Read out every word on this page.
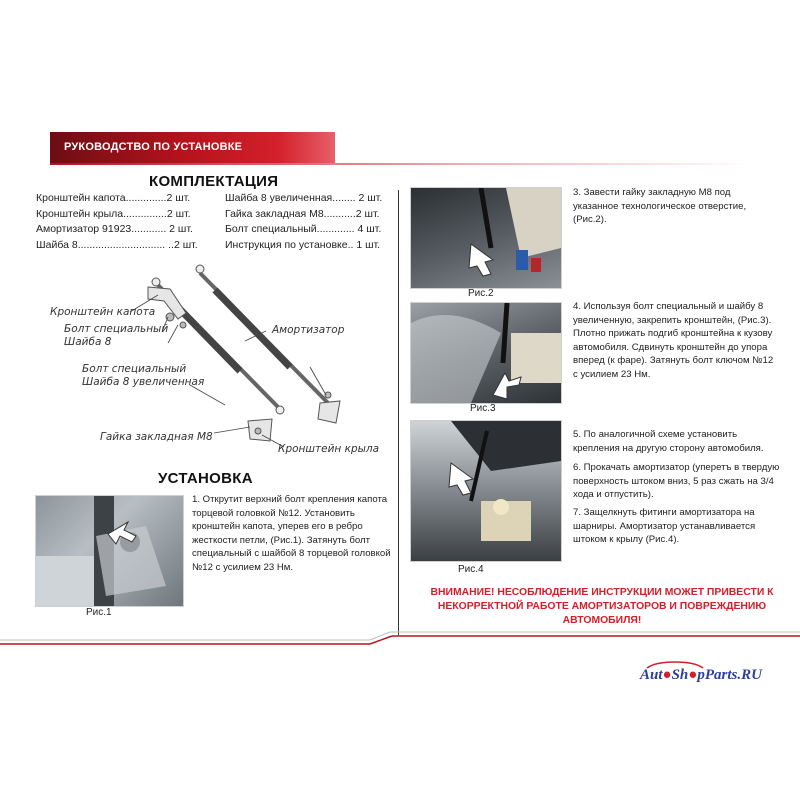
РУКОВОДСТВО ПО УСТАНОВКЕ
КОМПЛЕКТАЦИЯ
Кронштейн капота..............2 шт.
Кронштейн крыла...............2 шт.
Амортизатор 91923............ 2 шт.
Шайба 8.............................. ..2 шт.
Шайба 8 увеличенная........ 2 шт.
Гайка закладная М8...........2 шт.
Болт специальный............. 4 шт.
Инструкция по установке.. 1 шт.
Кронштейн капота
Болт специальный
Шайба 8
Амортизатор
Болт специальный
Шайба 8 увеличенная
Гайка закладная М8
Кронштейн крыла
УСТАНОВКА
Рис.1
1. Открутит верхний болт крепления капота торцевой головкой №12. Установить кронштейн капота, уперев его в ребро жесткости петли, (Рис.1). Затянуть болт специальный с шайбой 8 торцевой головкой №12 с усилием 23 Нм.
Рис.2
3. Завести гайку закладную М8 под указанное технологическое отверстие, (Рис.2).
Рис.3
4. Используя болт специальный и шайбу 8 увеличенную, закрепить кронштейн, (Рис.3). Плотно прижать подгиб кронштейна к кузову автомобиля. Сдвинуть кронштейн до упора вперед (к фаре). Затянуть болт ключом №12 с усилием 23 Нм.
Рис.4
5. По аналогичной схеме установить крепления на другую сторону автомобиля.
6. Прокачать амортизатор (уперетъ в твердую поверхность штоком вниз, 5 раз сжать на 3/4 хода и отпустить).
7. Защелкнуть фитинги амортизатора на шарниры. Амортизатор устанавливается штоком к крылу (Рис.4).
ВНИМАНИЕ! НЕСОБЛЮДЕНИЕ ИНСТРУКЦИИ МОЖЕТ ПРИВЕСТИ К
НЕКОРРЕКТНОЙ РАБОТЕ АМОРТИЗАТОРОВ И ПОВРЕЖДЕНИЮ
АВТОМОБИЛЯ!
Aut●Sh●pParts.RU
